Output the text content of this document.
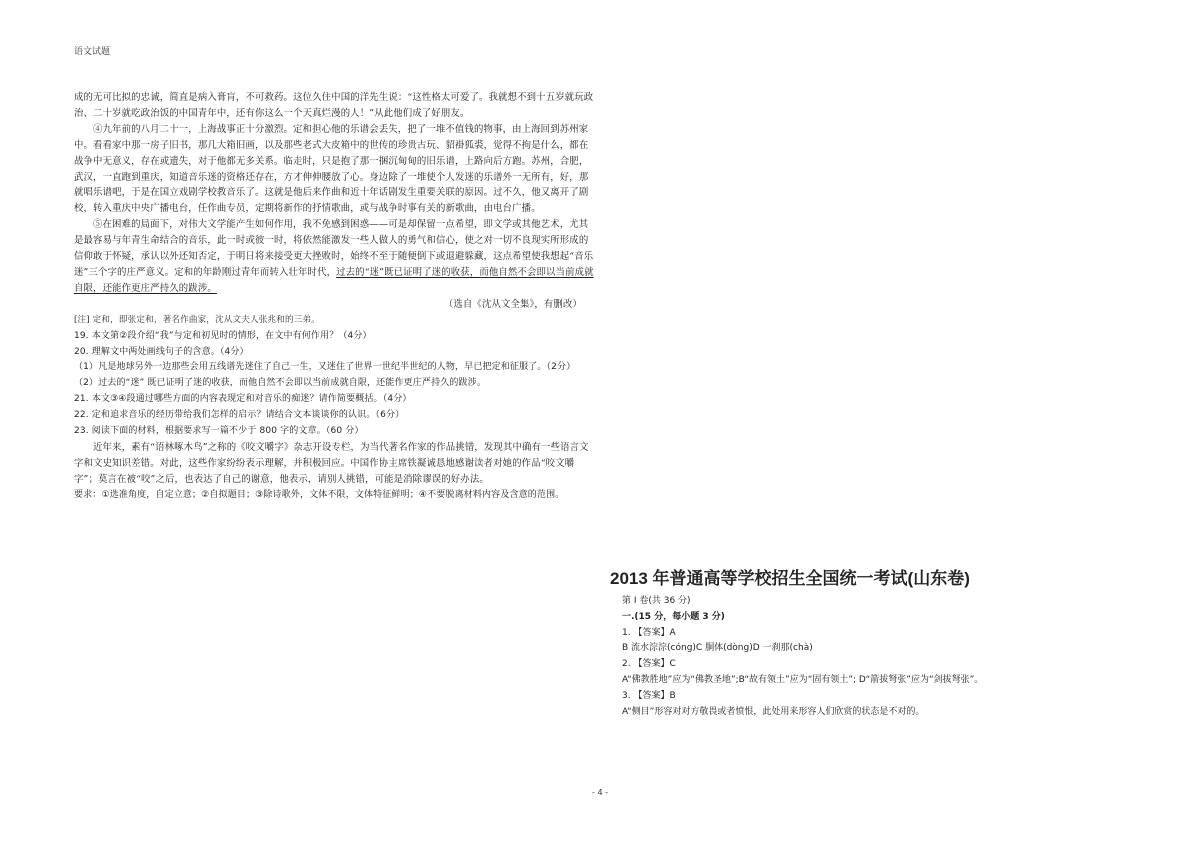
语文试题

成的无可比拟的忠诚，简直是病入膏肓，不可救药。这位久住中国的洋先生说：“这性格太可爱了。我就想不到十五岁就玩政治、二十岁就吃政治饭的中国青年中，还有你这么一个天真烂漫的人！”从此他们成了好朋友。

④九年前的八月二十一，上海战事正十分激烈。定和担心他的乐谱会丢失，把了一堆不值钱的物事，由上海回到苏州家中。看看家中那一房子旧书，那几大箱旧画，以及那些老式大皮箱中的世传的珍贵古玩、貂褂狐裘，觉得不拘是什么，都在战争中无意义，存在或遗失，对于他都无多关系。临走时，只是抱了那一捆沉甸甸的旧乐谱，上路向后方跑。苏州，合肥，武汉，一直跑到重庆，知道音乐迷的资格还存在，方才伸伸腰放了心。身边除了一堆使个人发迷的乐谱外一无所有，好，那就唱乐谱吧，于是在国立戏剧学校教音乐了。这就是他后来作曲和近十年话剧发生重要关联的原因。过不久，他又离开了剧校，转入重庆中央广播电台，任作曲专员，定期将新作的抒情歌曲，或与战争时事有关的新歌曲，由电台广播。

⑤在困难的局面下，对伟大文学能产生如何作用，我不免感到困惑——可是却保留一点希望，即文学或其他艺术，尤其是最容易与年青生命结合的音乐，此一时或彼一时，将依然能激发一些人做人的勇气和信心，使之对一切不良现实所形成的信仰敢于怀疑，承认以外还知否定，于明日将来接受更大挫败时，始终不至于随便倒下或退避躲藏，这点希望使我想起“音乐迷”三个字的庄严意义。定和的年龄刚过青年而转入壮年时代，过去的“迷”既已证明了迷的收获，而他自然不会即以当前成就自限，还能作更庄严持久的跋涉。

（选自《沈从文全集》，有删改）

[注] 定和，即张定和，著名作曲家，沈从文夫人张兆和的三弟。

19. 本文第②段介绍“我”与定和初见时的情形，在文中有何作用？（4分）

20. 理解文中两处画线句子的含意。（4分）

（1）凡是地球另外一边那些会用五线谱先迷住了自己一生，又迷住了世界一世纪半世纪的人物，早已把定和征服了。（2分）

（2）过去的“迷” 既已证明了迷的收获，而他自然不会即以当前成就自限，还能作更庄严持久的跋涉。

21. 本文③④段通过哪些方面的内容表现定和对音乐的痴迷？请作简要概括。（4分）

22. 定和追求音乐的经历带给我们怎样的启示？请结合文本谈谈你的认识。（6分）

23. 阅读下面的材料，根据要求写一篇不少于 800 字的文章。（60 分）

近年来，素有“语林啄木鸟”之称的《咬文嚼字》杂志开设专栏，为当代著名作家的作品挑错，发现其中确有一些语言文字和文史知识差错。对此，这些作家纷纷表示理解，并积极回应。中国作协主席铁凝诚恳地感谢读者对她的作品“咬文嚼字”；莫言在被“咬”之后，也表达了自己的谢意，他表示，请别人挑错，可能是消除谬误的好办法。

要求：①选准角度，自定立意；②自拟题目；③除诗歌外，文体不限，文体特征鲜明；④不要脱离材料内容及含意的范围。

2013 年普通高等学校招生全国统一考试(山东卷)

第 I 卷(共 36 分)

一.(15 分，每小题 3 分)

1. 【答案】A

B 流水淙淙(cóng)C 胴体(dòng)D 一刹那(chà)

2. 【答案】C

A“佛教胜地”应为“佛教圣地”;B“故有领土”应为“固有领土”; D“箭拔弩张”应为“剑拔弩张”。

3. 【答案】B

A“侧目”形容对对方敬畏或者愤恨，此处用来形容人们欣赏的状态是不对的。

- 4 -
